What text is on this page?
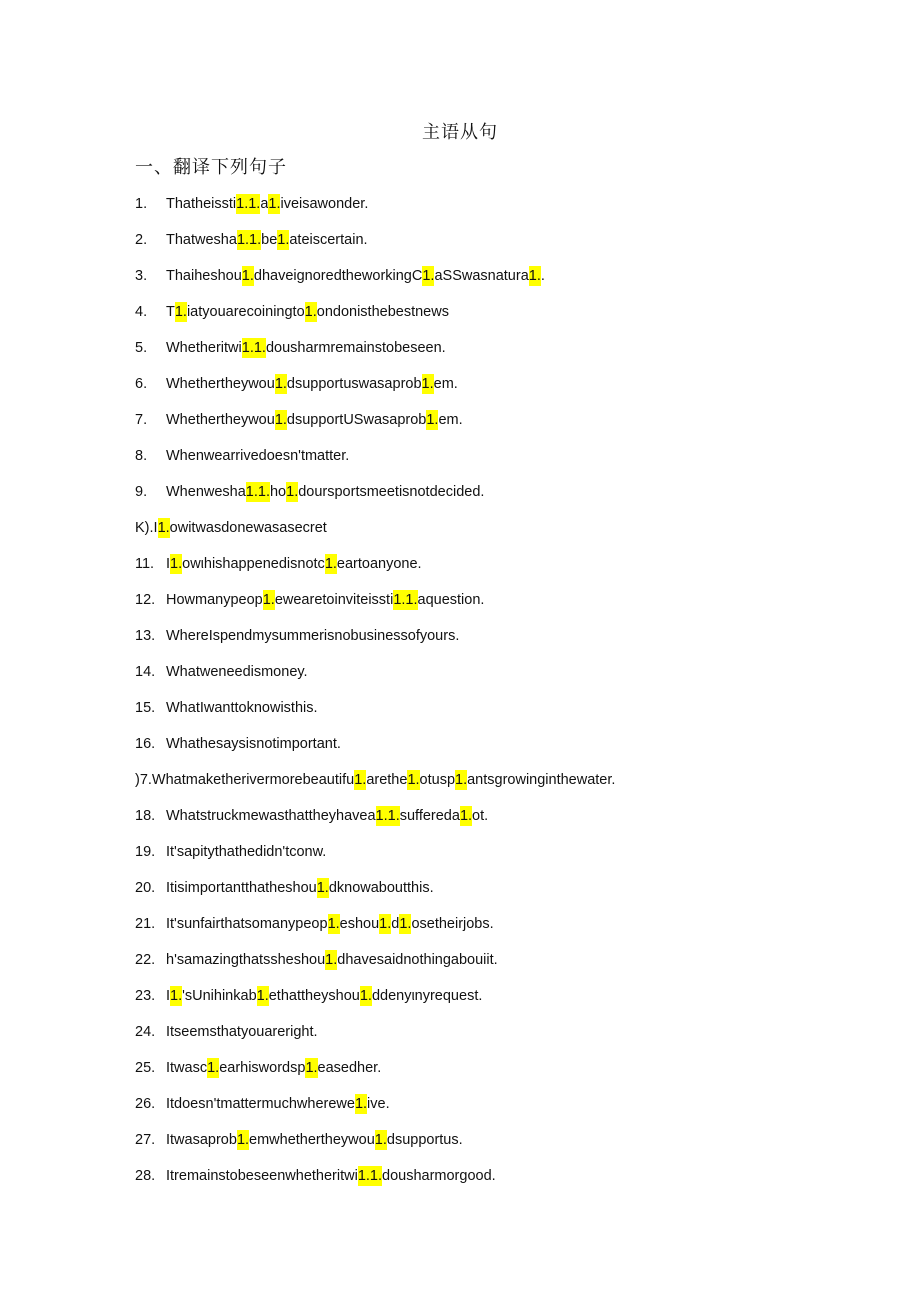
主语从句
一、翻译下列句子
1.	Thatheissti1.1.a1.iveisawonder.
2.	Thatwesha1.1.be1.ateiscertain.
3.	Thaiheshou1.dhaveignoredtheworkingC1.aSSwasnatura1..
4.	T1.iatyouarecoiningto1.ondonisthebestnews
5.	Whetheritwi1.1.dousharmremainstobeseen.
6.	Whethertheywou1.dsupportuswasaprob1.em.
7.	Whethertheywou1.dsupportUSwasaprob1.em.
8.	Whenwearrivedoesn'tmatter.
9.	Whenwesha1.1.ho1.doursportsmeetisnotdecided.
K).I1.owitwasdonewasasecret
11. I1.owιhishappenedisnotc1.eartoanyone.
12. Howmanypeop1.ewearetoinviteissti1.1.aquestion.
13. WhereIspendmysummerisnobusinessofyours.
14. Whatweneedismoney.
15. WhatIwanttoknowisthis.
16. Whathesaysisnotimportant.
)7.Whatmaketherivermorebeautifu1.arethe1.otusp1.antsgrowinginthewater.
18. Whatstruckmewasthattheyhavea1.1.suffereda1.ot.
19. It'sapitythathedidn'tconw.
20. Itisimportantthatheshou1.dknowaboutthis.
21. It'sunfairthatsomanypeop1.eshou1.d1.osetheirjobs.
22. h'samazingthatssheshou1.dhavesaidnothingabouiit.
23. I1.'sUnihinkab1.ethattheyshou1.ddenyιnyrequest.
24. Itseemsthatyouareright.
25. Itwasc1.earhiswordsp1.easedher.
26. Itdoesn'tmattermuchwherewe1.ive.
27. Itwasaprob1.emwhethertheywou1.dsupportus.
28. Itremainstobeseenwhetheritwi1.1.dousharmorgood.
